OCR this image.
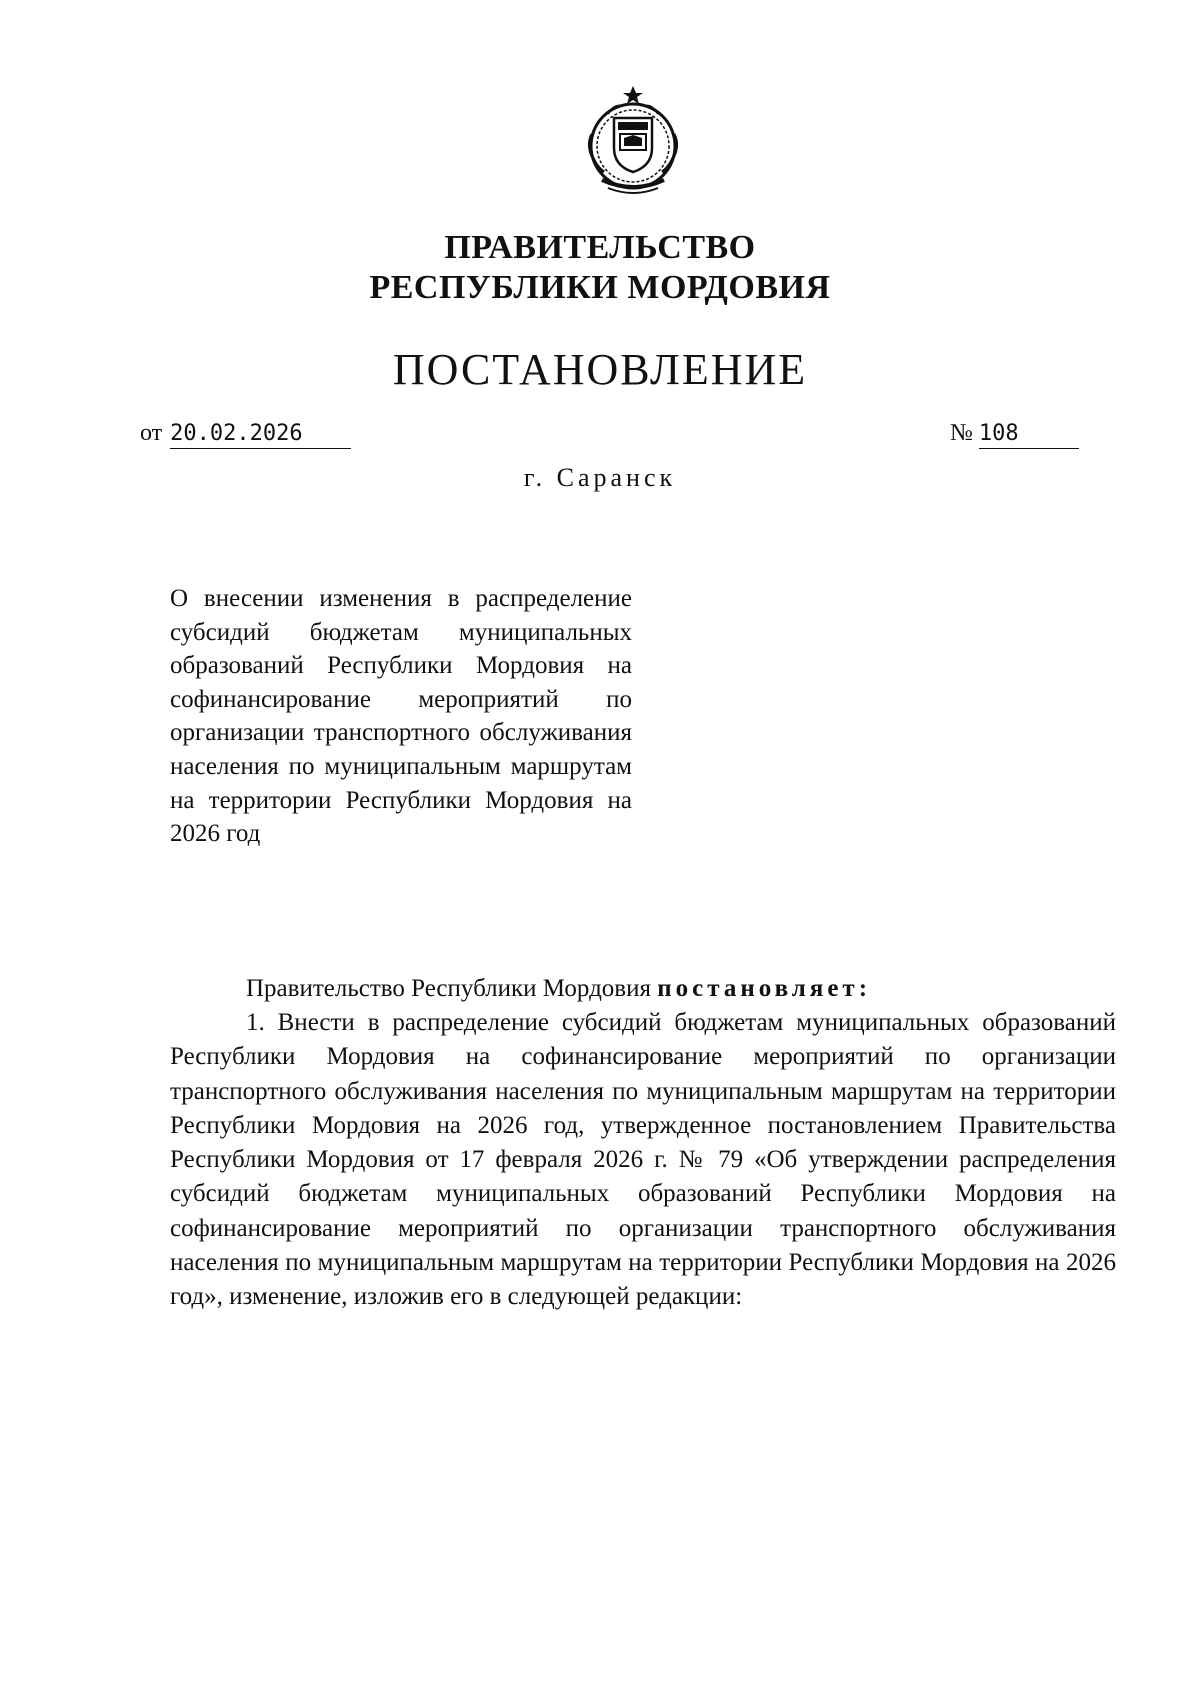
ПРАВИТЕЛЬСТВО
РЕСПУБЛИКИ МОРДОВИЯ
ПОСТАНОВЛЕНИЕ
от 20.02.2026	№ 108
г. Саранск
О внесении изменения в распределение субсидий бюджетам муниципальных образований Республики Мордовия на софинансирование мероприятий по организации транспортного обслуживания населения по муниципальным маршрутам на территории Республики Мордовия на
2026 год
Правительство Республики Мордовия постановляет:
1. Внести в распределение субсидий бюджетам муниципальных образований Республики Мордовия на софинансирование мероприятий по организации транспортного обслуживания населения по муниципальным маршрутам на территории Республики Мордовия на 2026 год, утвержденное постановлением Правительства Республики Мордовия от 17 февраля 2026 г. № 79 «Об утверждении распределения субсидий бюджетам муниципальных образований Республики Мордовия на софинансирование мероприятий по организации транспортного обслуживания населения по муниципальным маршрутам на территории Республики Мордовия на 2026 год», изменение, изложив его в следующей редакции:
